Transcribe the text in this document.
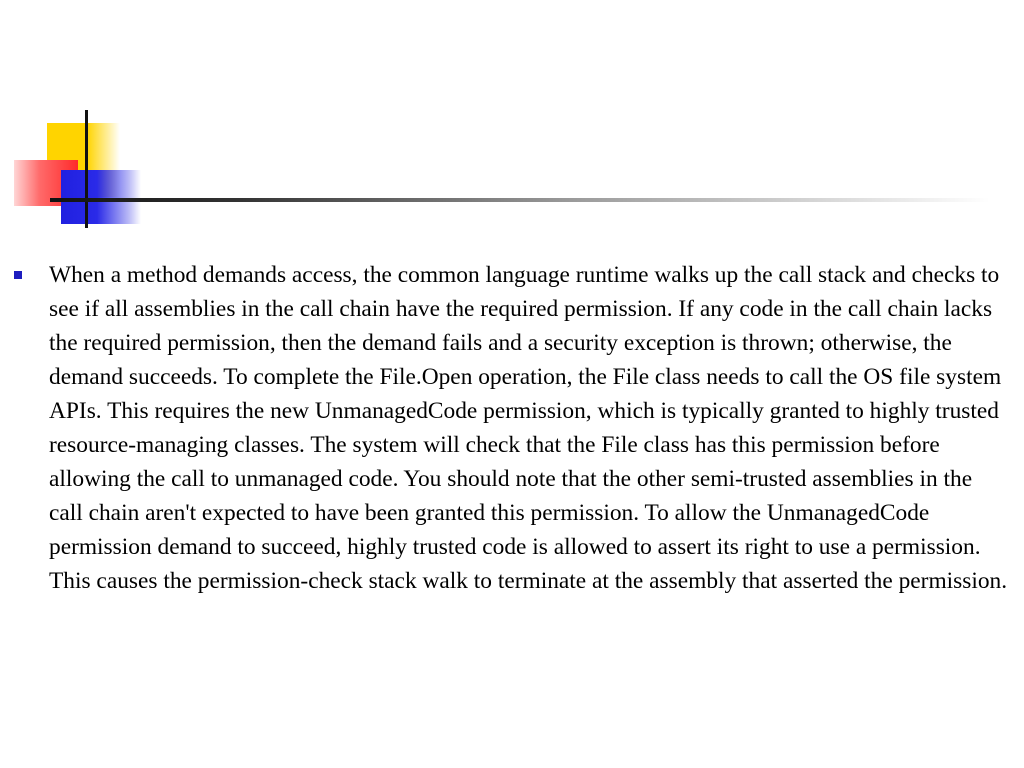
When a method demands access, the common language runtime walks up the call stack and checks to see if all assemblies in the call chain have the required permission. If any code in the call chain lacks the required permission, then the demand fails and a security exception is thrown; otherwise, the demand succeeds. To complete the File.Open operation, the File class needs to call the OS file system APIs. This requires the new UnmanagedCode permission, which is typically granted to highly trusted resource-managing classes. The system will check that the File class has this permission before allowing the call to unmanaged code. You should note that the other semi-trusted assemblies in the call chain aren't expected to have been granted this permission. To allow the UnmanagedCode permission demand to succeed, highly trusted code is allowed to assert its right to use a permission. This causes the permission-check stack walk to terminate at the assembly that asserted the permission.
